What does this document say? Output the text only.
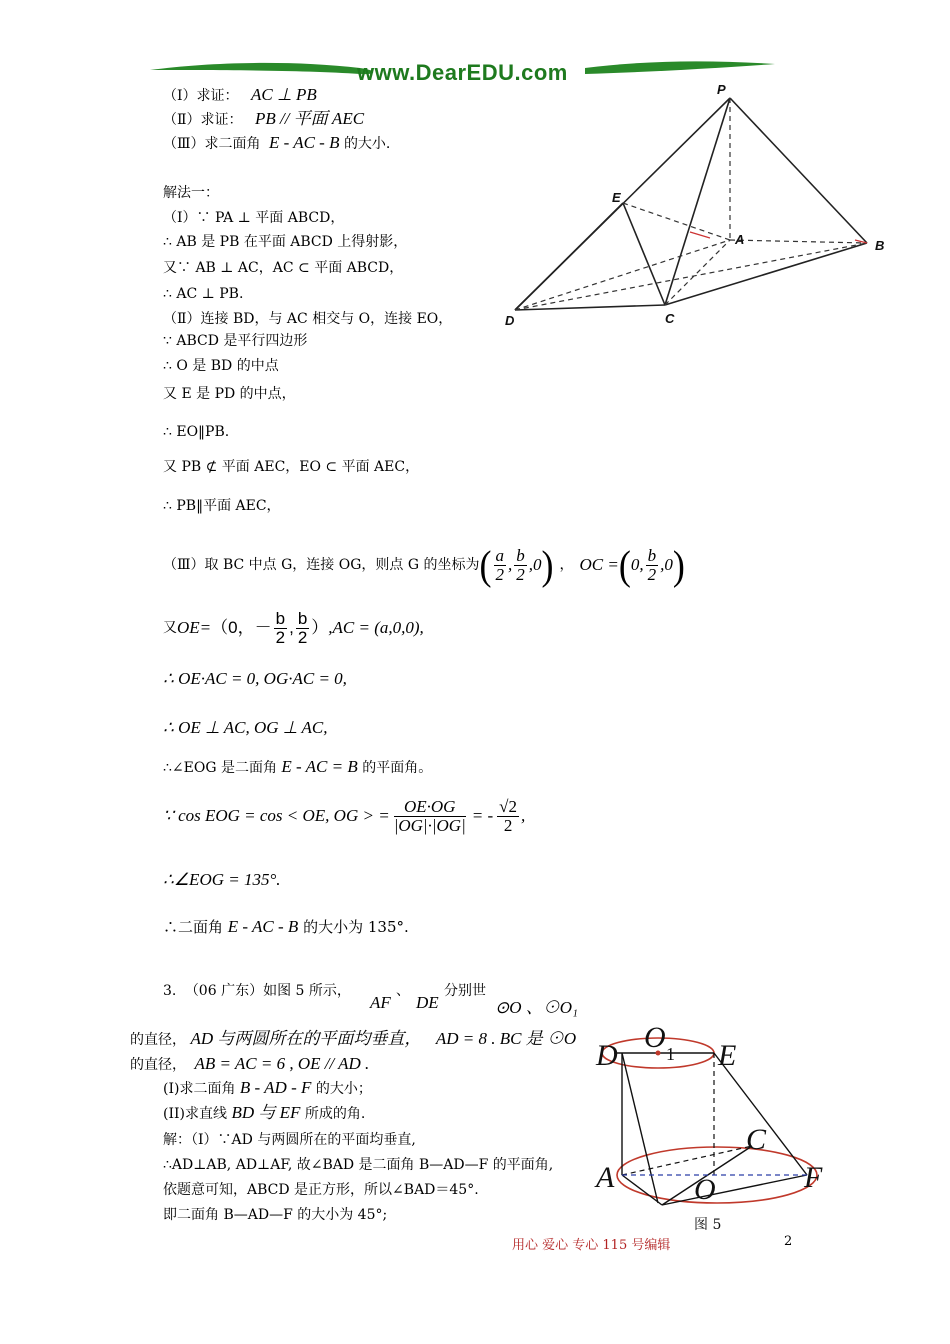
www.DearEDU.com
（Ⅰ）求证： AC ⊥ PB
（Ⅱ）求证： PB // 平面 AEC
（Ⅲ）求二面角 E - AC - B 的大小.
P
E
A	B
D	C
解法一：
（Ⅰ）∵ PA ⊥ 平面 ABCD，
∴ AB 是 PB 在平面 ABCD 上得射影，
又∵ AB ⊥ AC，AC ⊂ 平面 ABCD，
∴ AC ⊥ PB.
（Ⅱ）连接 BD，与 AC 相交与 O，连接 EO，
∵ ABCD 是平行四边形
∴ O 是 BD 的中点
又 E 是 PD 的中点，
∴ EO‖PB.
又 PB ⊄ 平面 AEC，EO ⊂ 平面 AEC，
∴ PB‖平面 AEC，
（Ⅲ）取 BC 中点 G，连接 OG，则点 G 的坐标为 ( $\frac{a}{2}$ , $\frac{b}{2} ,0$ ) ， OC = ( 0, $\frac{b}{2} ,0$ )
又 OE= （0，－ $\frac{b}{2}$ , $\frac{b}{2}$ ） ,AC = (a,0,0),
∴ OE·AC = 0, OG·AC = 0,
∴ OE ⊥ AC, OG ⊥ AC,
∴∠EOG 是二面角 E - AC = B 的平面角。
∵ cos EOG = cos < OE, OG > = $\frac{OE\cdot OG}{|OG|\cdot|OG|}$ = - $\frac{√2}{2}$ ,
∴∠EOG = 135°.
∴二面角 E - AC - B 的大小为 135°.
3. （06 广东）如图 5 所示，
AF
、
DE
分别世
⊙O 、⊙O₁
的直径， AD 与两圆所在的平面均垂直， AD = 8 . BC 是 ⊙O
的直径， AB = AC = 6 , OE // AD .
(I)求二面角 B - AD - F 的大小；
(II)求直线 BD 与 EF 所成的角.
解：（Ⅰ）∵AD 与两圆所在的平面均垂直,
∴AD⊥AB, AD⊥AF, 故∠BAD 是二面角 B—AD—F 的平面角,
依题意可知，ABCD 是正方形，所以∠BAD＝45°.
即二面角 B—AD—F 的大小为 45°;
D
O
E
C
A	O	F
1
图 5
用心 爱心 专心 115 号编辑	2
